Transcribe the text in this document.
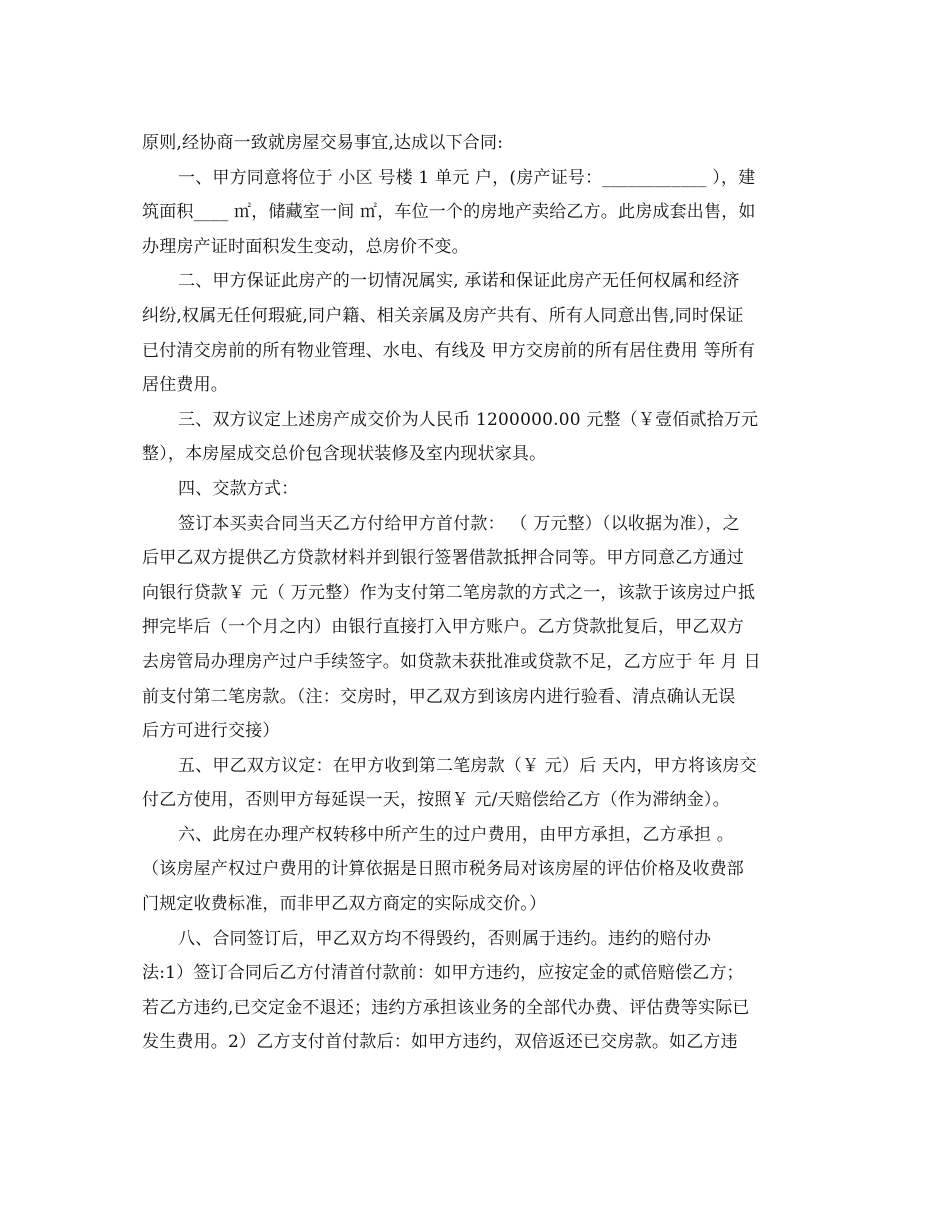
原则,经协商一致就房屋交易事宜,达成以下合同:
一、甲方同意将位于 小区 号楼 1 单元 户，(房产证号：____________ ），建
筑面积____ ㎡，储藏室一间 ㎡，车位一个的房地产卖给乙方。此房成套出售，如
办理房产证时面积发生变动，总房价不变。
二、甲方保证此房产的一切情况属实, 承诺和保证此房产无任何权属和经济
纠纷,权属无任何瑕疵,同户籍、相关亲属及房产共有、所有人同意出售,同时保证
已付清交房前的所有物业管理、水电、有线及 甲方交房前的所有居住费用 等所有
居住费用。
三、双方议定上述房产成交价为人民币 1200000.00 元整（￥壹佰贰拾万元
整），本房屋成交总价包含现状装修及室内现状家具。
四、交款方式：
签订本买卖合同当天乙方付给甲方首付款： （ 万元整）（以收据为准），之
后甲乙双方提供乙方贷款材料并到银行签署借款抵押合同等。甲方同意乙方通过
向银行贷款￥ 元（ 万元整）作为支付第二笔房款的方式之一，该款于该房过户抵
押完毕后（一个月之内）由银行直接打入甲方账户。乙方贷款批复后，甲乙双方
去房管局办理房产过户手续签字。如贷款未获批准或贷款不足，乙方应于 年 月 日
前支付第二笔房款。（注：交房时，甲乙双方到该房内进行验看、清点确认无误
后方可进行交接）
五、甲乙双方议定：在甲方收到第二笔房款（￥ 元）后 天内，甲方将该房交
付乙方使用，否则甲方每延误一天，按照￥ 元/天赔偿给乙方（作为滞纳金）。
六、此房在办理产权转移中所产生的过户费用，由甲方承担，乙方承担 。
（该房屋产权过户费用的计算依据是日照市税务局对该房屋的评估价格及收费部
门规定收费标准，而非甲乙双方商定的实际成交价。）
八、合同签订后，甲乙双方均不得毁约，否则属于违约。违约的赔付办
法:1）签订合同后乙方付清首付款前：如甲方违约，应按定金的贰倍赔偿乙方；
若乙方违约,已交定金不退还；违约方承担该业务的全部代办费、评估费等实际已
发生费用。2）乙方支付首付款后：如甲方违约，双倍返还已交房款。如乙方违
